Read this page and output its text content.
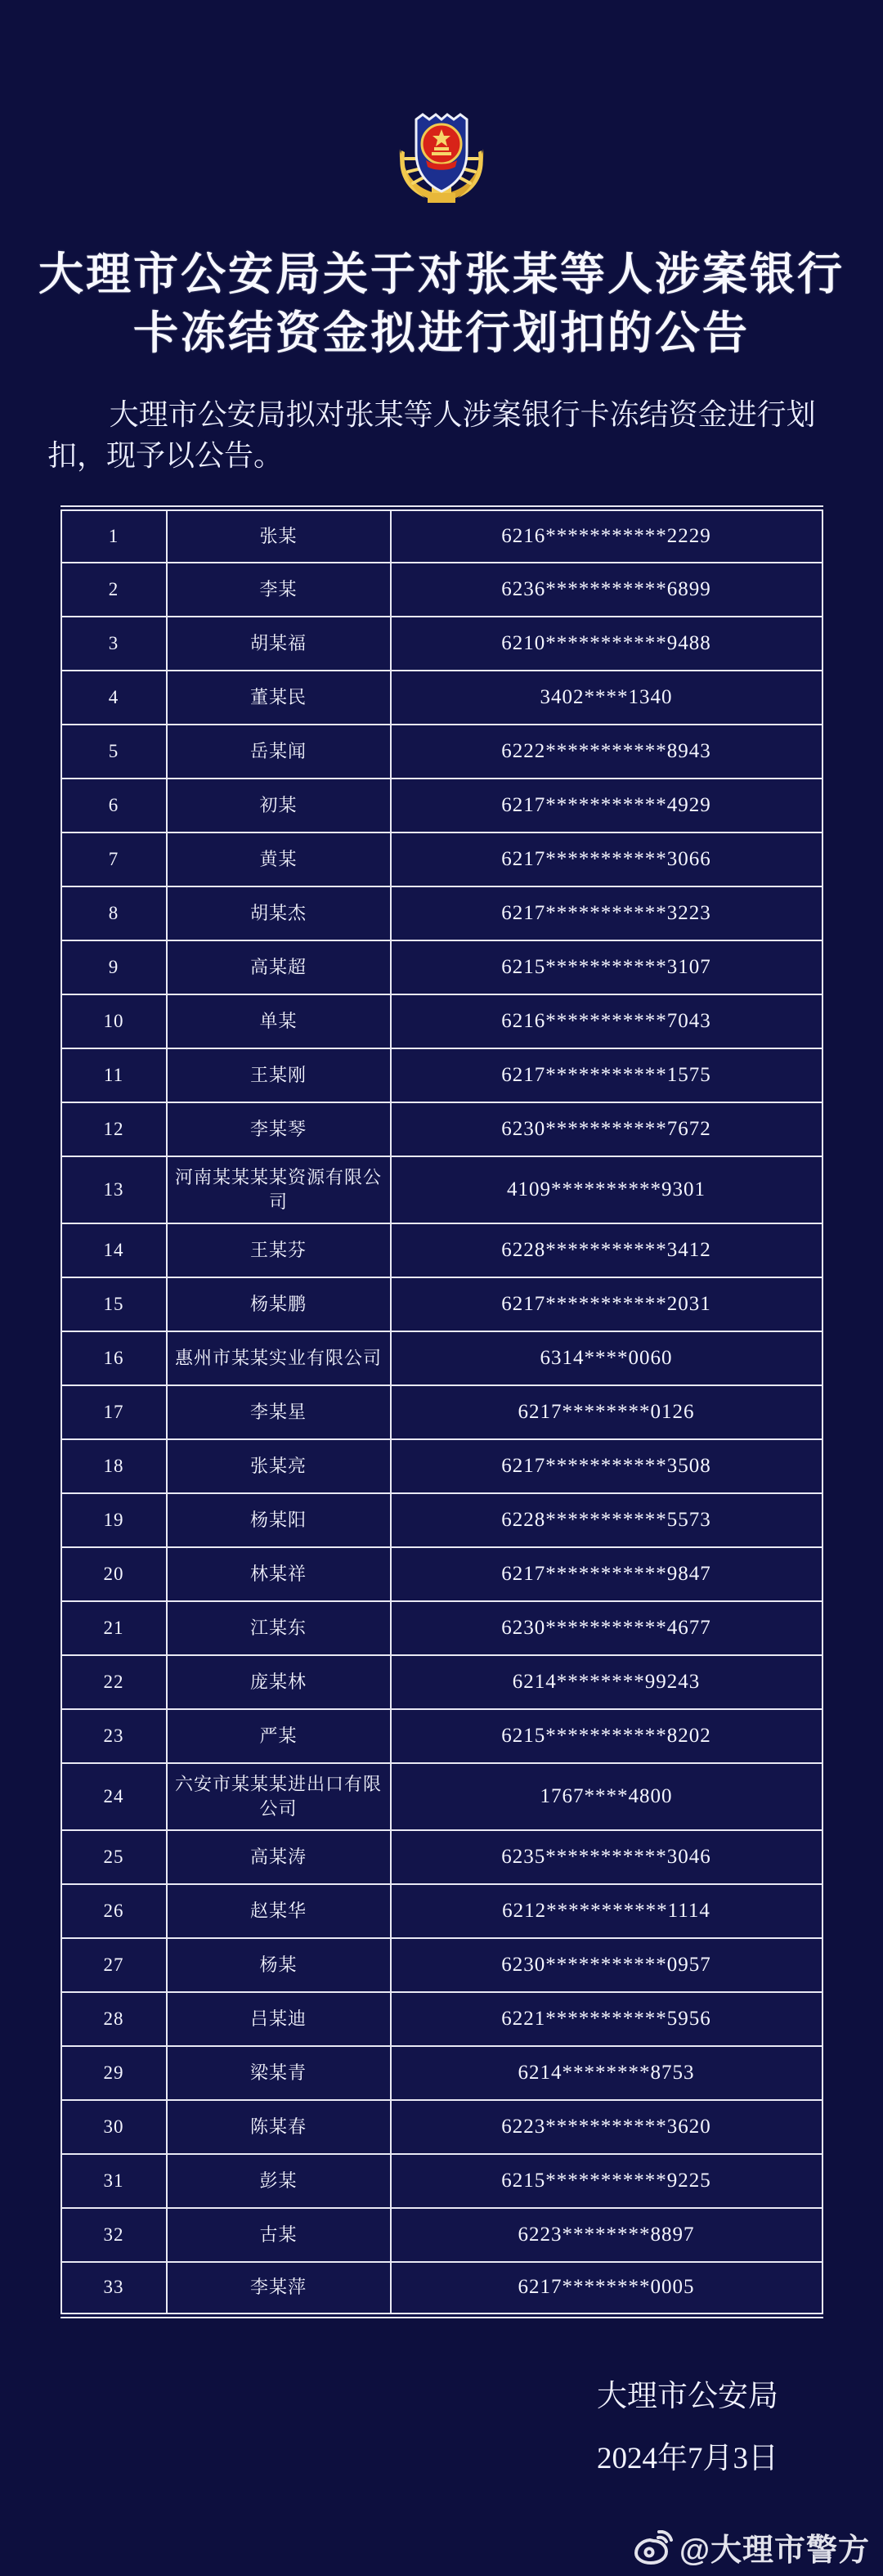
大理市公安局关于对张某等人涉案银行
卡冻结资金拟进行划扣的公告

大理市公安局拟对张某等人涉案银行卡冻结资金进行划扣，现予以公告。

1	张某	6216***********2229
2	李某	6236***********6899
3	胡某福	6210***********9488
4	董某民	3402****1340
5	岳某闻	6222***********8943
6	初某	6217***********4929
7	黄某	6217***********3066
8	胡某杰	6217***********3223
9	高某超	6215***********3107
10	单某	6216***********7043
11	王某刚	6217***********1575
12	李某琴	6230***********7672
13	河南某某某某资源有限公司	4109**********9301
14	王某芬	6228***********3412
15	杨某鹏	6217***********2031
16	惠州市某某实业有限公司	6314****0060
17	李某星	6217********0126
18	张某亮	6217***********3508
19	杨某阳	6228***********5573
20	林某祥	6217***********9847
21	江某东	6230***********4677
22	庞某林	6214********99243
23	严某	6215***********8202
24	六安市某某某进出口有限公司	1767****4800
25	高某涛	6235***********3046
26	赵某华	6212***********1114
27	杨某	6230***********0957
28	吕某迪	6221***********5956
29	梁某青	6214********8753
30	陈某春	6223***********3620
31	彭某	6215***********9225
32	古某	6223********8897
33	李某萍	6217********0005
大理市公安局
2024年7月3日
@大理市警方
